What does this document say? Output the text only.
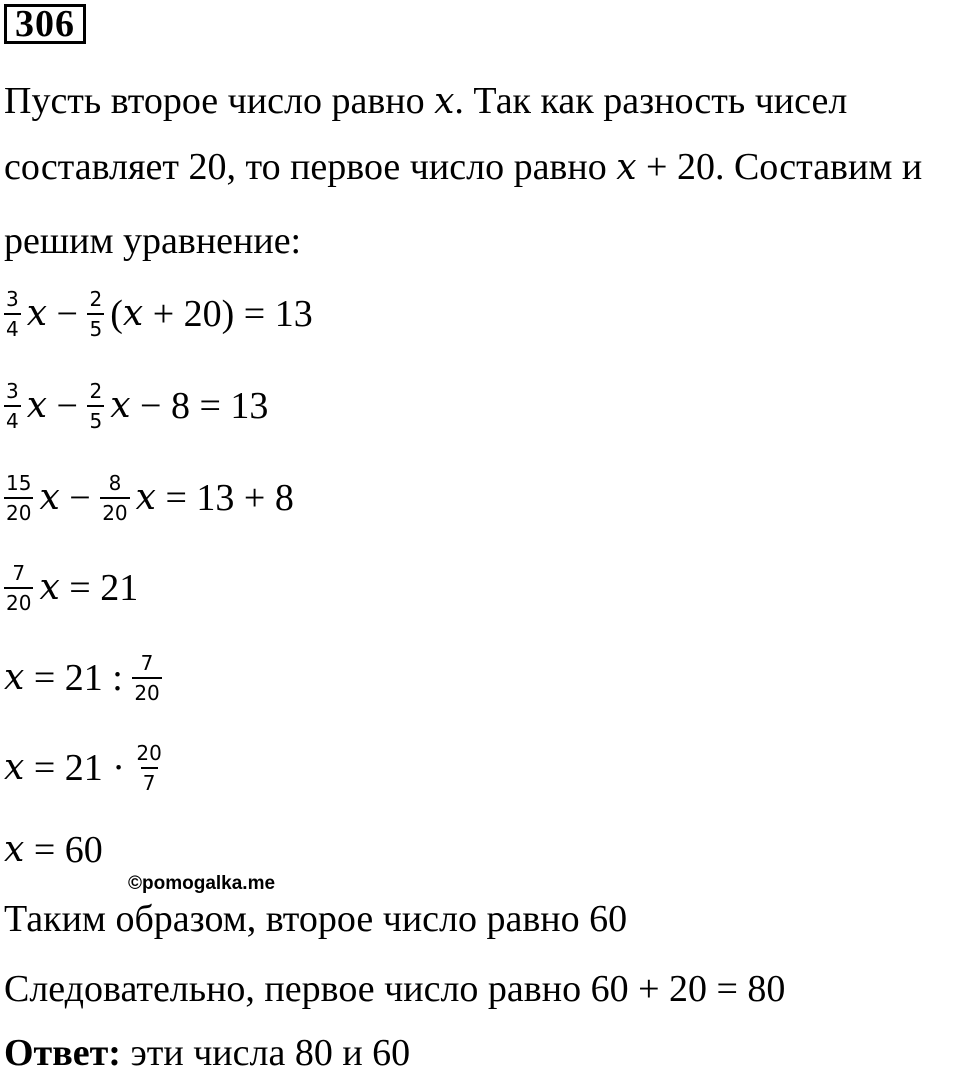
306
Пусть второе число равно x. Так как разность чисел
составляет 20, то первое число равно x + 20. Составим и
решим уравнение:
$\frac{3}{4}$ $x - \frac{2}{5}$ ( x + 20) = 13
$\frac{3}{4}$ $x - \frac{2}{5}$ x − 8 = 13
$\frac{15}{20}$ $x - \frac{8}{20}$ x = 13 + 8
$\frac{7}{20}$ x = 21
x = 21 : $\frac{7}{20}$
$x = 21 \cdot \frac{20}{7}$
x = 60
©pomogalka.me
Таким образом, второе число равно 60
Следовательно, первое число равно 60 + 20 = 80
Ответ: эти числа 80 и 60
